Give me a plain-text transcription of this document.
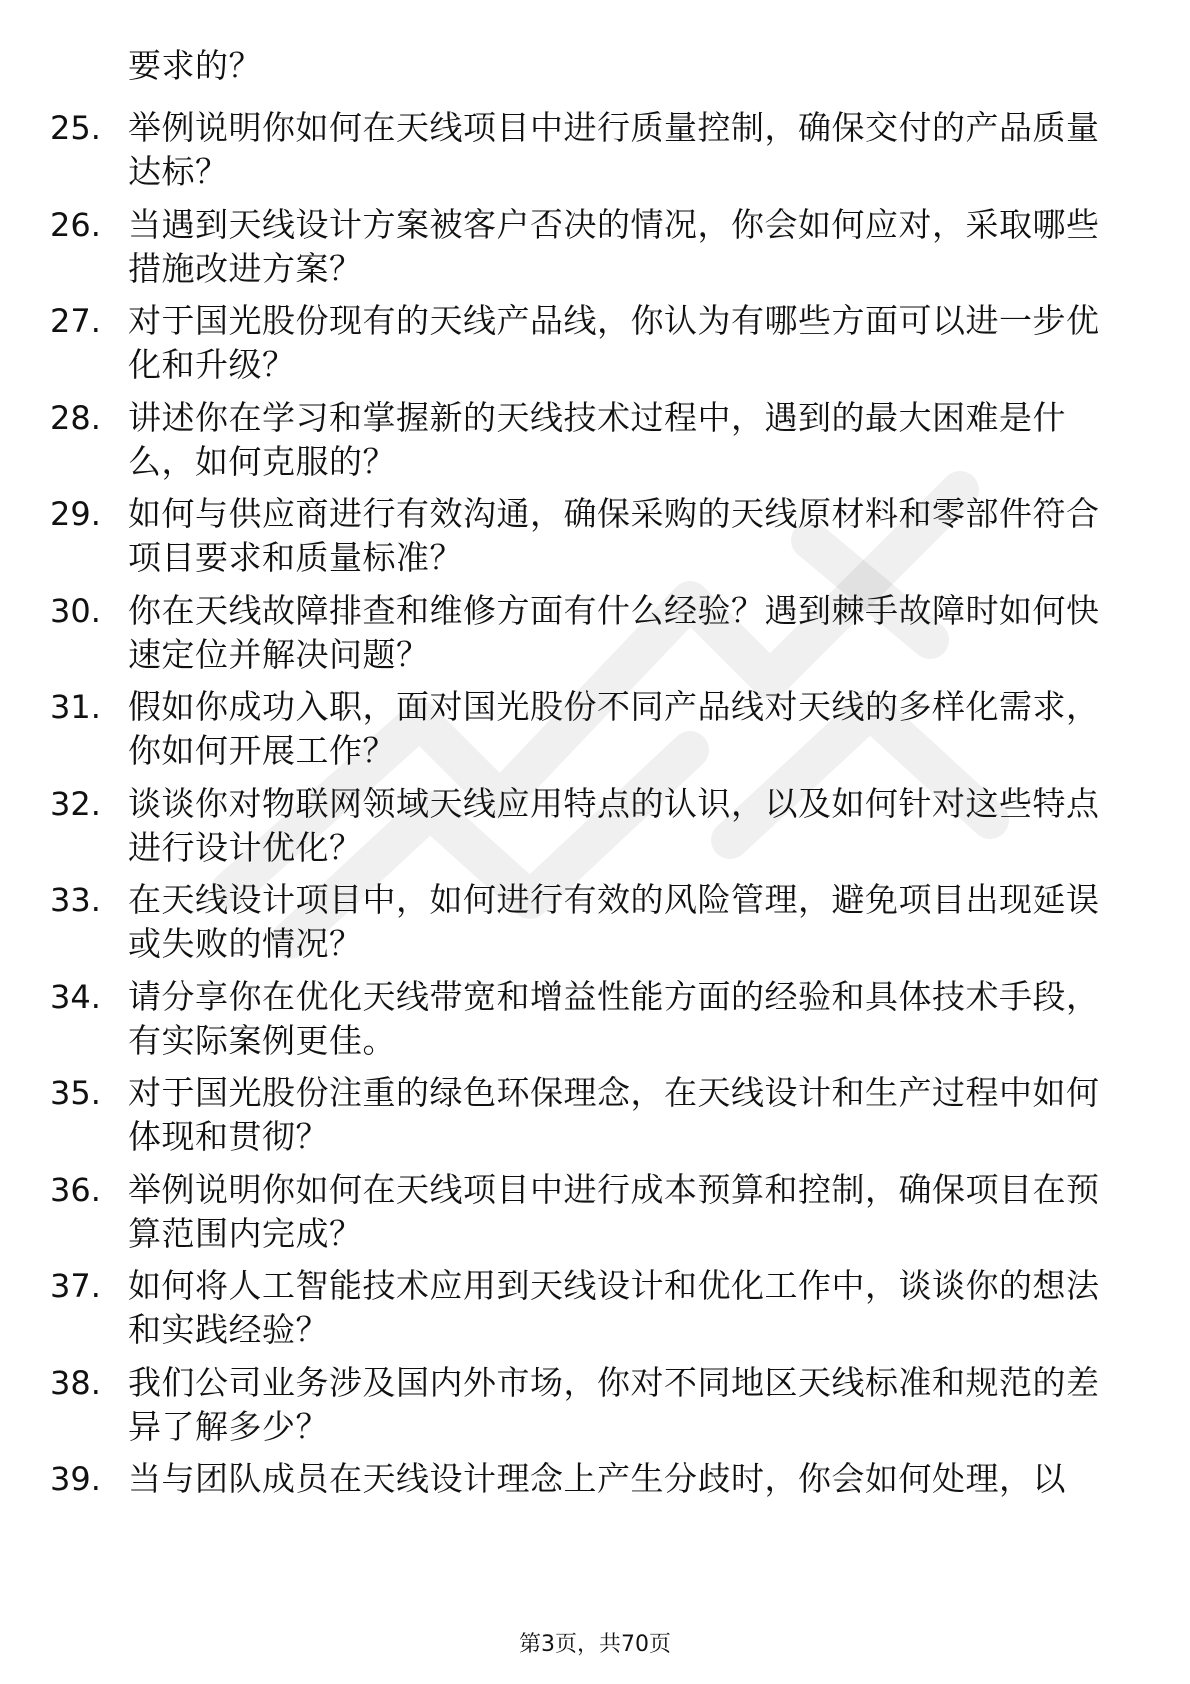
要求的？
25. 举例说明你如何在天线项目中进行质量控制，确保交付的产品质量达标？
26. 当遇到天线设计方案被客户否决的情况，你会如何应对，采取哪些措施改进方案？
27. 对于国光股份现有的天线产品线，你认为有哪些方面可以进一步优化和升级？
28. 讲述你在学习和掌握新的天线技术过程中，遇到的最大困难是什么，如何克服的？
29. 如何与供应商进行有效沟通，确保采购的天线原材料和零部件符合项目要求和质量标准？
30. 你在天线故障排查和维修方面有什么经验？遇到棘手故障时如何快速定位并解决问题？
31. 假如你成功入职，面对国光股份不同产品线对天线的多样化需求，你如何开展工作？
32. 谈谈你对物联网领域天线应用特点的认识，以及如何针对这些特点进行设计优化？
33. 在天线设计项目中，如何进行有效的风险管理，避免项目出现延误或失败的情况？
34. 请分享你在优化天线带宽和增益性能方面的经验和具体技术手段，有实际案例更佳。
35. 对于国光股份注重的绿色环保理念，在天线设计和生产过程中如何体现和贯彻？
36. 举例说明你如何在天线项目中进行成本预算和控制，确保项目在预算范围内完成？
37. 如何将人工智能技术应用到天线设计和优化工作中，谈谈你的想法和实践经验？
38. 我们公司业务涉及国内外市场，你对不同地区天线标准和规范的差异了解多少？
39. 当与团队成员在天线设计理念上产生分歧时，你会如何处理，以
第3页，共70页
